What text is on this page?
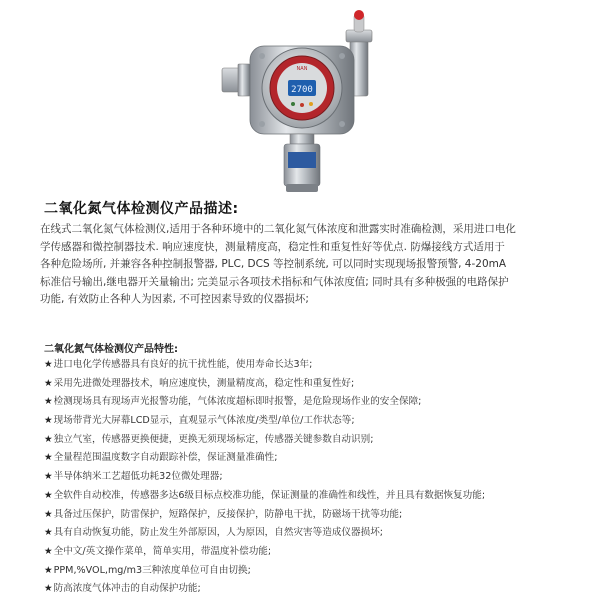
2700
NAN
二氧化氮气体检测仪产品描述:
在线式二氧化氮气体检测仪,适用于各种环境中的二氧化氮气体浓度和泄露实时准确检测，采用进口电化
学传感器和微控制器技术. 响应速度快，测量精度高，稳定性和重复性好等优点. 防爆接线方式适用于
各种危险场所, 并兼容各种控制报警器, PLC, DCS 等控制系统, 可以同时实现现场报警预警, 4-20mA
标准信号输出,继电器开关量输出; 完美显示各项技术指标和气体浓度值; 同时具有多种极强的电路保护
功能, 有效防止各种人为因素, 不可控因素导致的仪器损坏;
二氧化氮气体检测仪产品特性:
★进口电化学传感器具有良好的抗干扰性能，使用寿命长达3年;
★采用先进微处理器技术，响应速度快，测量精度高，稳定性和重复性好;
★检测现场具有现场声光报警功能，气体浓度超标即时报警，是危险现场作业的安全保障;
★现场带背光大屏幕LCD显示，直观显示气体浓度/类型/单位/工作状态等;
★独立气室，传感器更换便捷，更换无须现场标定，传感器关键参数自动识别;
★全量程范围温度数字自动跟踪补偿，保证测量准确性;
★半导体纳米工艺超低功耗32位微处理器;
★全软件自动校准，传感器多达6级目标点校准功能，保证测量的准确性和线性，并且具有数据恢复功能;
★具备过压保护，防雷保护，短路保护，反接保护，防静电干扰，防磁场干扰等功能;
★具有自动恢复功能，防止发生外部原因，人为原因，自然灾害等造成仪器损坏;
★全中文/英文操作菜单，简单实用，带温度补偿功能;
★PPM,%VOL,mg/m3三种浓度单位可自由切换;
★防高浓度气体冲击的自动保护功能;
